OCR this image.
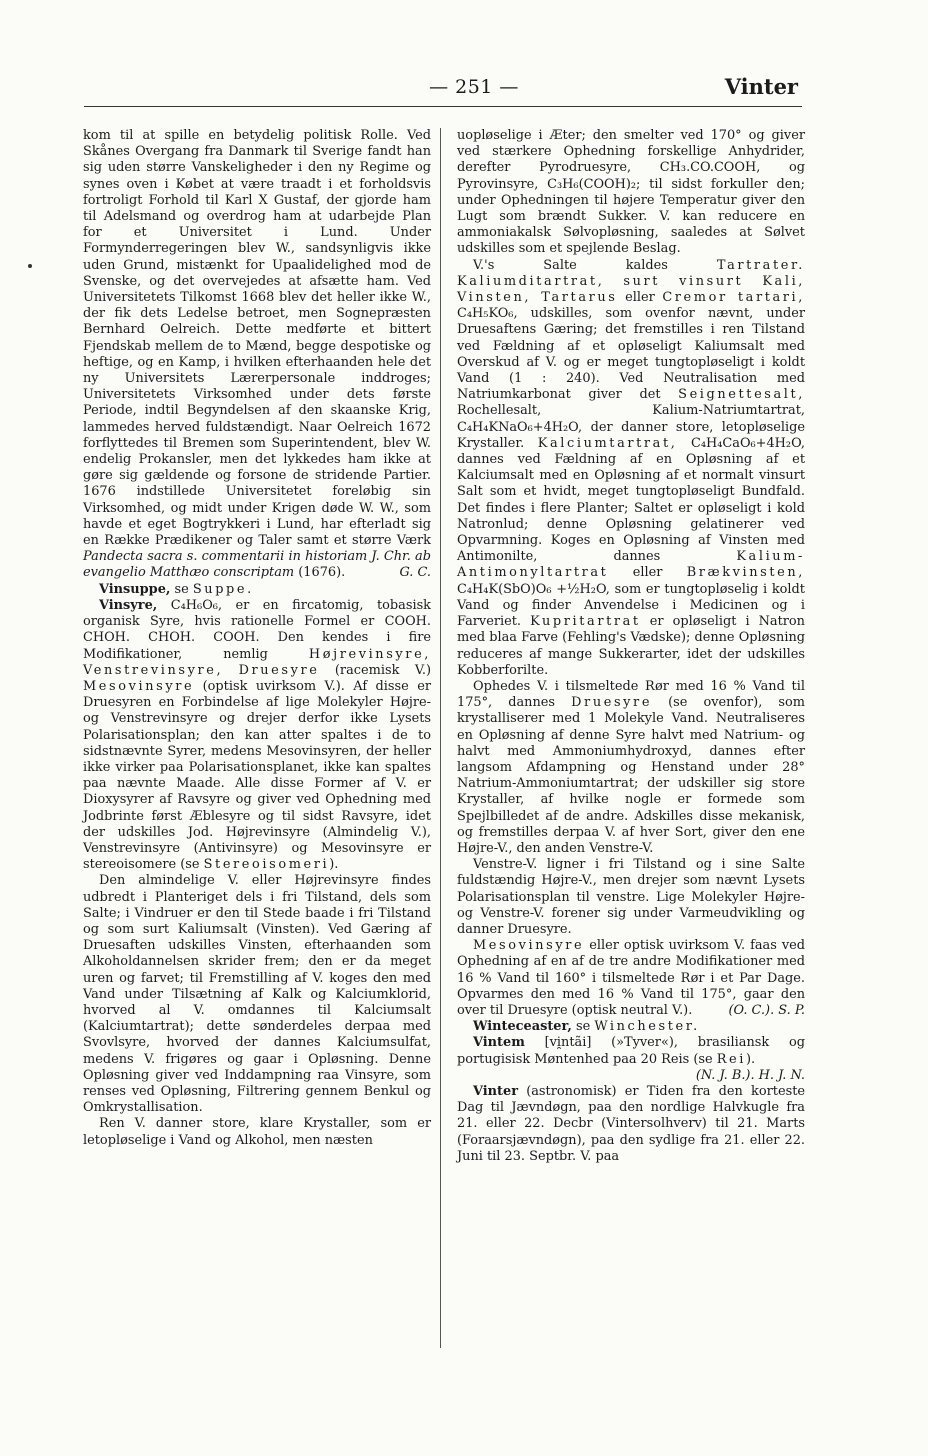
— 251 —	Vinter

kom til at spille en betydelig politisk Rolle. Ved Skånes Overgang fra Danmark til Sverige fandt han sig uden større Vanskeligheder i den ny Regime og synes oven i Købet at være traadt i et forholdsvis fortroligt Forhold til Karl X Gustaf, der gjorde ham til Adelsmand og overdrog ham at udarbejde Plan for et Universitet i Lund. Under Formynderregeringen blev W., sandsynligvis ikke uden Grund, mistænkt for Upaalidelighed mod de Svenske, og det overvejedes at afsætte ham. Ved Universitetets Tilkomst 1668 blev det heller ikke W., der fik dets Ledelse betroet, men Sognepræsten Bernhard Oelreich. Dette medførte et bittert Fjendskab mellem de to Mænd, begge despotiske og heftige, og en Kamp, i hvilken efterhaanden hele det ny Universitets Lærerpersonale inddroges; Universitetets Virksomhed under dets første Periode, indtil Begyndelsen af den skaanske Krig, lammedes herved fuldstændigt. Naar Oelreich 1672 forflyttedes til Bremen som Superintendent, blev W. endelig Prokansler, men det lykkedes ham ikke at gøre sig gældende og forsone de stridende Partier. 1676 indstillede Universitetet foreløbig sin Virksomhed, og midt under Krigen døde W. W., som havde et eget Bogtrykkeri i Lund, har efterladt sig en Række Prædikener og Taler samt et større Værk Pandecta sacra s. commentarii in historiam J. Chr. ab evangelio Matthæo conscriptam (1676).	G. C.

Vinsuppe, se Suppe.

Vinsyre, C₄H₆O₆, er en fircatomig, tobasisk organisk Syre, hvis rationelle Formel er COOH. CHOH. CHOH. COOH. Den kendes i fire Modifikationer, nemlig	Højrevinsyre, Venstrevinsyre, Druesyre (racemisk V.) Mesovinsyre (optisk uvirksom V.). Af disse er Druesyren en Forbindelse af lige Molekyler Højre- og Venstrevinsyre og drejer derfor ikke Lysets Polarisationsplan; den kan atter spaltes i de to sidstnævnte Syrer, medens Mesovinsyren, der heller ikke virker paa Polarisationsplanet, ikke kan spaltes paa nævnte Maade. Alle disse Former af V. er Dioxysyrer af Ravsyre og giver ved Ophedning med Jodbrinte først Æblesyre og til sidst Ravsyre, idet der udskilles Jod. Højrevinsyre (Almindelig V.), Venstrevinsyre (Antivinsyre) og Mesovinsyre er stereoisomere (se Stereoisomeri).

Den almindelige V. eller Højrevinsyre findes udbredt i Planteriget dels i fri Tilstand, dels som Salte; i Vindruer er den til Stede baade i fri Tilstand og som surt Kaliumsalt (Vinsten). Ved Gæring af Druesaften udskilles Vinsten, efterhaanden som Alkoholdannelsen skrider frem; den er da meget uren og farvet; til Fremstilling af V. koges den med Vand under Tilsætning af Kalk og Kalciumklorid, hvorved al V. omdannes til Kalciumsalt (Kalciumtartrat); dette sønderdeles derpaa med Svovlsyre, hvorved der dannes Kalciumsulfat, medens V. frigøres og gaar i Opløsning. Denne Opløsning giver ved Inddampning raa Vinsyre, som renses ved Opløsning, Filtrering gennem Benkul og Omkrystallisation.

Ren V. danner store, klare Krystaller, som er letopløselige i Vand og Alkohol, men næsten

uopløselige i Æter; den smelter ved 170° og giver ved stærkere Ophedning forskellige Anhydrider, derefter Pyrodruesyre, CH₃.CO.COOH, og Pyrovinsyre, C₃H₆(COOH)₂; til sidst forkuller den; under Ophedningen til højere Temperatur giver den Lugt som brændt Sukker. V. kan reducere en ammoniakalsk Sølvopløsning, saaledes at Sølvet udskilles som et spejlende Beslag.

V.'s Salte kaldes	Tartrater. Kaliumditartrat, surt vinsurt Kali, Vinsten, Tartarus eller Cremor tartari, C₄H₅KO₆, udskilles, som ovenfor nævnt, under Druesaftens Gæring; det fremstilles i ren Tilstand ved Fældning af et opløseligt Kaliumsalt med Overskud af V. og er meget tungtopløseligt i koldt Vand (1 : 240). Ved Neutralisation med Natriumkarbonat giver det Seignettesalt, Rochellesalt, Kalium-Natriumtartrat, C₄H₄KNaO₆+4H₂O, der danner store, letopløselige Krystaller. Kalciumtartrat, C₄H₄CaO₆+4H₂O, dannes ved Fældning af en Opløsning af et Kalciumsalt med en Opløsning af et normalt vinsurt Salt som et hvidt, meget tungtopløseligt Bundfald. Det findes i flere Planter; Saltet er opløseligt i kold Natronlud; denne Opløsning gelatinerer ved Opvarmning. Koges en Opløsning af Vinsten med Antimonilte, dannes	Kalium-Antimonyltartrat eller Brækvinsten, C₄H₄K(SbO)O₆ +½H₂O, som er tungtopløselig i koldt Vand og finder Anvendelse i Medicinen og i Farveriet. Kupritartrat er opløseligt i Natron med blaa Farve (Fehling's Vædske); denne Opløsning reduceres af mange Sukkerarter, idet der udskilles Kobberforilte.

Ophedes V. i tilsmeltede Rør med 16 % Vand til 175°, dannes Druesyre (se ovenfor), som krystalliserer med 1 Molekyle Vand. Neutraliseres en Opløsning af denne Syre halvt med Natrium- og halvt med Ammoniumhydroxyd, dannes efter langsom Afdampning og Henstand under 28° Natrium-Ammoniumtartrat; der udskiller sig store Krystaller, af hvilke nogle er formede som Spejlbilledet af de andre. Adskilles disse mekanisk, og fremstilles derpaa V. af hver Sort, giver den ene Højre-V., den anden Venstre-V.

Venstre-V. ligner i fri Tilstand og i sine Salte fuldstændig Højre-V., men drejer som nævnt Lysets Polarisationsplan til venstre. Lige Molekyler Højre- og Venstre-V. forener sig under Varmeudvikling og danner Druesyre.

Mesovinsyre eller optisk uvirksom V. faas ved Ophedning af en af de tre andre Modifikationer med 16 % Vand til 160° i tilsmeltede Rør i et Par Dage. Opvarmes den med 16 % Vand til 175°, gaar den over til Druesyre (optisk neutral V.).	(O. C.). S. P.

Winteceaster, se Winchester.

Vintem [vi̯ntãi] (»Tyver«), brasiliansk og portugisisk Møntenhed paa 20 Reis (se Rei).
(N. J. B.). H. J. N.

Vinter (astronomisk) er Tiden fra den korteste Dag til Jævndøgn, paa den nordlige Halvkugle fra 21. eller 22. Decbr (Vintersolhverv) til 21. Marts (Foraarsjævndøgn), paa den sydlige fra 21. eller 22. Juni til 23. Septbr. V. paa
